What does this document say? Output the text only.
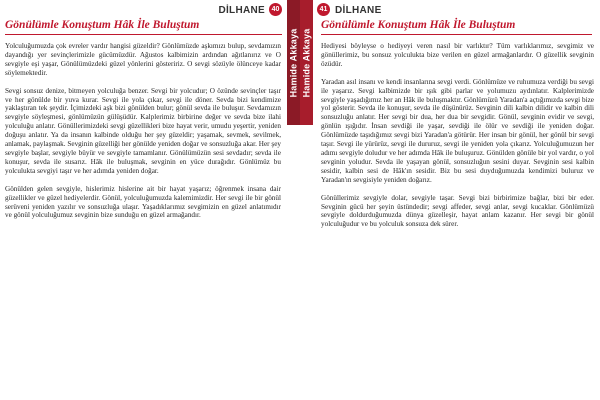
DİLHANE 40
Gönülümle Konuştum Hâk İle Buluştum

Yolculuğumuzda çok evreler vardır hangisi güzeldir? Gönlümüzde aşkımızı bulup, sevdamızın dayandığı yer sevinçlerimizle gücümüzdür. Ağustos kalbimizin ardından ağıtlanırız ve O sevgiyle eşi yaşar, Gönülümüzdeki güzel yönlerini gösteririz. O sevgi sözüyle ölünceye kadar söylemektedir.

Sevgi sonsuz denize, bitmeyen yolculuğa benzer. Sevgi bir yolcudur; O özünde sevinçler taşır ve her gönülde bir yuva kurar. Sevgi ile yola çıkar, sevgi ile döner. Sevda bizi kendimize yaklaştıran tek şeydir. İçimizdeki aşk bizi gönülden bulur; gönül sevda ile buluşur. Sevdamızın sevgiyle söyleşmesi, gönlümüzün gülüşüdür. Kalplerimiz birbirine değer ve sevda bize ilahi yolculuğu anlatır. Gönüllerimizdeki sevgi güzellikleri bize hayat verir, umudu yeşertir, yeniden doğuşu anlatır. Ya da insanın kalbinde olduğu her şey güzeldir; yaşamak, sevmek, sevilmek, anlamak, paylaşmak. Sevginin güzelliği her gönülde yeniden doğar ve sonsuzluğa akar. Her şey sevgiyle başlar, sevgiyle büyür ve sevgiyle tamamlanır. Gönülümüzün sesi sevdadır; sevda ile konuşur, sevda ile susarız. Hâk ile buluşmak, sevginin en yüce durağıdır. Gönlümüz bu yolculukta sevgiyi taşır ve her adımda yeniden doğar.

Gönülden gelen sevgiyle, hislerimiz hislerine ait bir hayat yaşarız; öğrenmek insana dair güzellikler ve güzel hediyelerdir. Gönül, yolculuğumuzda kalemimizdir. Her sevgi ile bir gönül serüveni yeniden yazılır ve sonsuzluğa ulaşır. Yaşadıklarımız sevgimizin en güzel anlatımıdır ve gönül yolculuğumuz sevginin bize sunduğu en güzel armağandır.

Hamide Akkaya Hamide Akkaya
41 DİLHANE
Gönülümle Konuştum Hâk İle Buluştum

Hediyesi böyleyse o hediyeyi veren nasıl bir varlıktır? Tüm varlıklarımız, sevgimiz ve gönüllerimiz, bu sonsuz yolculukta bize verilen en güzel armağanlardır. O güzellik sevginin özüdür.

Yaradan asıl insanı ve kendi insanlarına sevgi verdi. Gönlümüze ve ruhumuza verdiği bu sevgi ile yaşarız. Sevgi kalbimizde bir ışık gibi parlar ve yolumuzu aydınlatır. Kalplerimizde sevgiyle yaşadığımız her an Hâk ile buluşmaktır. Gönlümüzü Yaradan'a açtığımızda sevgi bize yol gösterir. Sevda ile konuşur, sevda ile düşünürüz. Sevginin dili kalbin dilidir ve kalbin dili sonsuzluğu anlatır. Her sevgi bir dua, her dua bir sevgidir. Gönül, sevginin evidir ve sevgi, gönlün ışığıdır. İnsan sevdiği ile yaşar, sevdiği ile ölür ve sevdiği ile yeniden doğar. Gönlümüzde taşıdığımız sevgi bizi Yaradan'a götürür. Her insan bir gönül, her gönül bir sevgi taşır. Sevgi ile yürürüz, sevgi ile dururuz, sevgi ile yeniden yola çıkarız. Yolculuğumuzun her adımı sevgiyle doludur ve her adımda Hâk ile buluşuruz. Gönülden gönüle bir yol vardır, o yol sevginin yoludur. Sevda ile yaşayan gönül, sonsuzluğun sesini duyar. Sevginin sesi kalbin sesidir, kalbin sesi de Hâk'ın sesidir. Biz bu sesi duyduğumuzda kendimizi buluruz ve Yaradan'ın sevgisiyle yeniden doğarız.

Gönüllerimiz sevgiyle dolar, sevgiyle taşar. Sevgi bizi birbirimize bağlar, bizi bir eder. Sevginin gücü her şeyin üstündedir; sevgi affeder, sevgi anlar, sevgi kucaklar. Gönlümüzü sevgiyle doldurduğumuzda dünya güzelleşir, hayat anlam kazanır. Her sevgi bir gönül yolculuğudur ve bu yolculuk sonsuza dek sürer.
